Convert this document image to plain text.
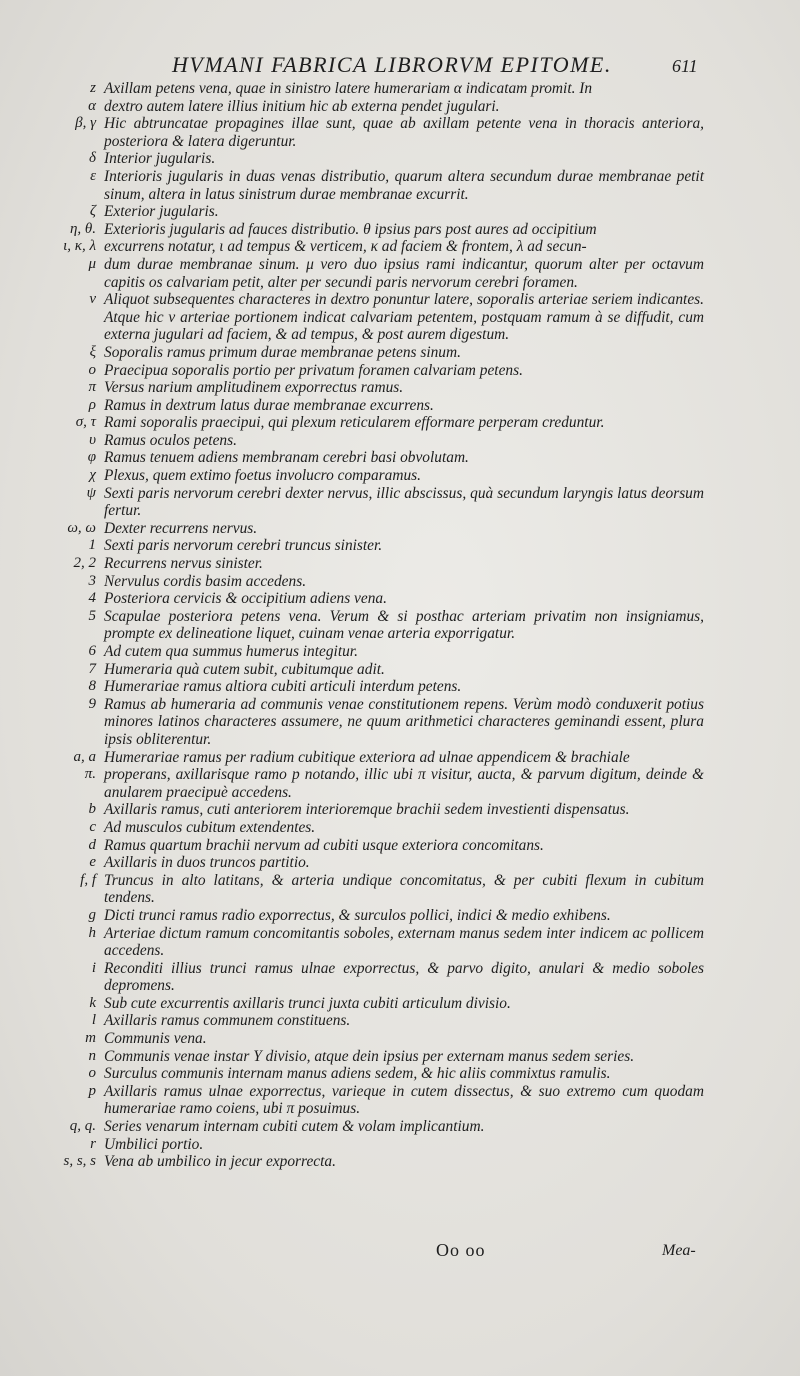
HVMANI FABRICA LIBRORVM EPITOME.	611
z Axillam petens vena, quae in sinistro latere humerariam α indicatam promit. In
α dextro autem latere illius initium hic ab externa pendet jugulari.
β, γ Hic abtruncatae propagines illae sunt, quae ab axillam petente vena in thoracis anteriora, posteriora & latera digeruntur.
δ Interior jugularis.
ε Interioris jugularis in duas venas distributio, quarum altera secundum durae membranae petit sinum, altera in latus sinistrum durae membranae excurrit.
ζ Exterior jugularis.
η, θ. Exterioris jugularis ad fauces distributio. θ ipsius pars post aures ad occipitium
ι, κ, λ excurrens notatur, ι ad tempus & verticem, κ ad faciem & frontem, λ ad secun-
μ dum durae membranae sinum. μ vero duo ipsius rami indicantur, quorum alter per octavum capitis os calvariam petit, alter per secundi paris nervorum cerebri foramen.
ν Aliquot subsequentes characteres in dextro ponuntur latere, soporalis arteriae seriem indicantes. Atque hic ν arteriae portionem indicat calvariam petentem, postquam ramum à se diffudit, cum externa jugulari ad faciem, & ad tempus, & post aurem digestum.
ξ Soporalis ramus primum durae membranae petens sinum.
ο Praecipua soporalis portio per privatum foramen calvariam petens.
π Versus narium amplitudinem exporrectus ramus.
ρ Ramus in dextrum latus durae membranae excurrens.
σ, τ Rami soporalis praecipui, qui plexum reticularem efformare perperam creduntur.
υ Ramus oculos petens.
φ Ramus tenuem adiens membranam cerebri basi obvolutam.
χ Plexus, quem extimo foetus involucro comparamus.
ψ Sexti paris nervorum cerebri dexter nervus, illic abscissus, quà secundum laryngis latus deorsum fertur.
ω, ω Dexter recurrens nervus.
1 Sexti paris nervorum cerebri truncus sinister.
2, 2 Recurrens nervus sinister.
3 Nervulus cordis basim accedens.
4 Posteriora cervicis & occipitium adiens vena.
5 Scapulae posteriora petens vena. Verum & si posthac arteriam privatim non insigniamus, prompte ex delineatione liquet, cuinam venae arteria exporrigatur.
6 Ad cutem qua summus humerus integitur.
7 Humeraria quà cutem subit, cubitumque adit.
8 Humerariae ramus altiora cubiti articuli interdum petens.
9 Ramus ab humeraria ad communis venae constitutionem repens. Verùm modò conduxerit potius minores latinos characteres assumere, ne quum arithmetici characteres geminandi essent, plura ipsis obliterentur.
a, a Humerariae ramus per radium cubitique exteriora ad ulnae appendicem & brachiale
π. properans, axillarisque ramo p notando, illic ubi π visitur, aucta, & parvum digitum, deinde & anularem praecipuè accedens.
b Axillaris ramus, cuti anteriorem interioremque brachii sedem investienti dispensatus.
c Ad musculos cubitum extendentes.
d Ramus quartum brachii nervum ad cubiti usque exteriora concomitans.
e Axillaris in duos truncos partitio.
f, f Truncus in alto latitans, & arteria undique concomitatus, & per cubiti flexum in cubitum tendens.
g Dicti trunci ramus radio exporrectus, & surculos pollici, indici & medio exhibens.
h Arteriae dictum ramum concomitantis soboles, externam manus sedem inter indicem ac pollicem accedens.
i Reconditi illius trunci ramus ulnae exporrectus, & parvo digito, anulari & medio soboles depromens.
k Sub cute excurrentis axillaris trunci juxta cubiti articulum divisio.
l Axillaris ramus communem constituens.
m Communis vena.
n Communis venae instar Y divisio, atque dein ipsius per externam manus sedem series.
o Surculus communis internam manus adiens sedem, & hic aliis commixtus ramulis.
p Axillaris ramus ulnae exporrectus, varieque in cutem dissectus, & suo extremo cum quodam humerariae ramo coiens, ubi π posuimus.
q, q. Series venarum internam cubiti cutem & volam implicantium.
r Umbilici portio.
s, s, s Vena ab umbilico in jecur exporrecta.
Oo oo	Mea-
